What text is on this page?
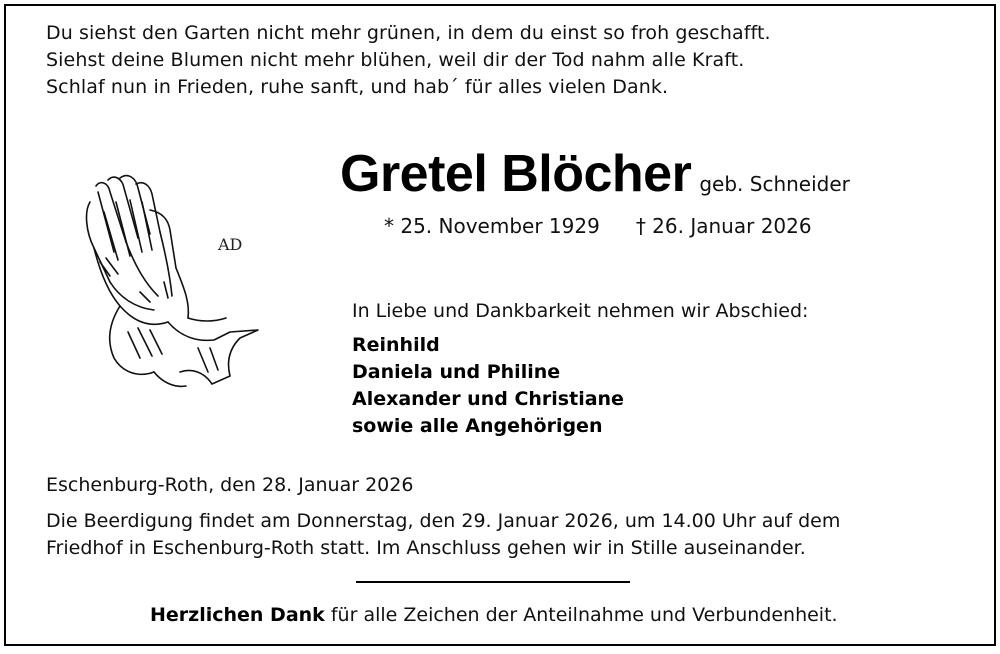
Du siehst den Garten nicht mehr grünen, in dem du einst so froh geschafft.
Siehst deine Blumen nicht mehr blühen, weil dir der Tod nahm alle Kraft.
Schlaf nun in Frieden, ruhe sanft, und hab´ für alles vielen Dank.
AD
Gretel Blöcher geb. Schneider
* 25. November 1929 † 26. Januar 2026
In Liebe und Dankbarkeit nehmen wir Abschied:
Reinhild
Daniela und Philine
Alexander und Christiane
sowie alle Angehörigen
Eschenburg-Roth, den 28. Januar 2026
Die Beerdigung findet am Donnerstag, den 29. Januar 2026, um 14.00 Uhr auf dem
Friedhof in Eschenburg-Roth statt. Im Anschluss gehen wir in Stille auseinander.
Herzlichen Dank für alle Zeichen der Anteilnahme und Verbundenheit.
